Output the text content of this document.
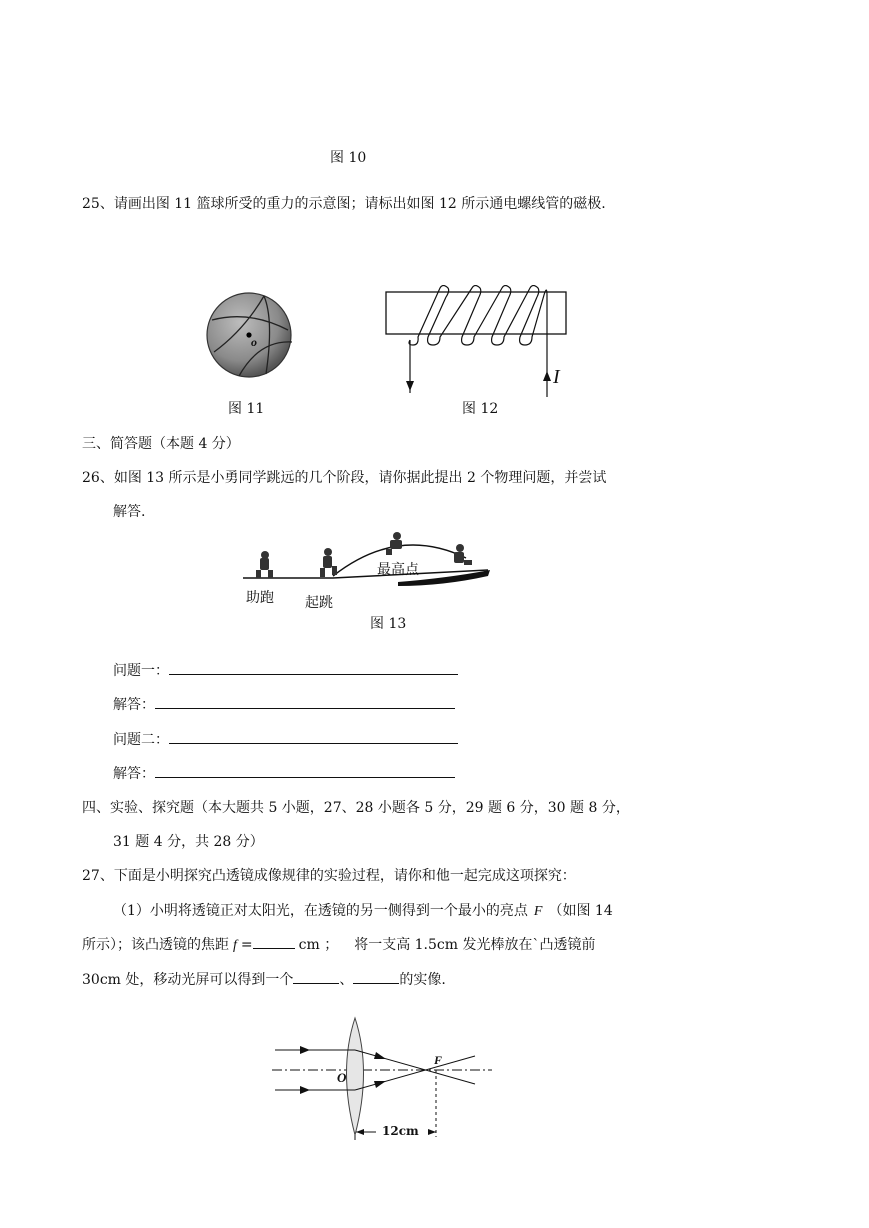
图 10
25、请画出图 11 篮球所受的重力的示意图；请标出如图 12 所示通电螺线管的磁极.
o
图 11
I
图 12
三、简答题（本题 4 分）
26、如图 13 所示是小勇同学跳远的几个阶段，请你据此提出 2 个物理问题，并尝试
解答.
助跑 起跳
最高点
图 13
问题一：
解答：
问题二：
解答：
四、实验、探究题（本大题共 5 小题，27、28 小题各 5 分，29 题 6 分，30 题 8 分，
31 题 4 分，共 28 分）
27、下面是小明探究凸透镜成像规律的实验过程，请你和他一起完成这项探究：
（1）小明将透镜正对太阳光，在透镜的另一侧得到一个最小的亮点 F （如图 14
所示）；该凸透镜的焦距 f =	cm ； 将一支高 1.5cm 发光棒放在`凸透镜前
30cm 处，移动光屏可以得到一个	、	的实像.
F
O
12cm
